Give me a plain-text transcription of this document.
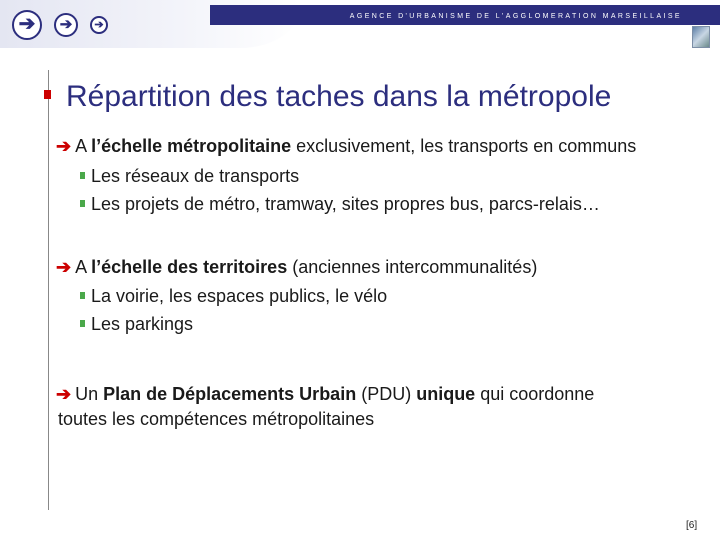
AGENCE D'URBANISME DE L'AGGLOMERATION MARSEILLAISE
➔	➔	➔
Répartition des taches dans la métropole
➔ A l’échelle métropolitaine exclusivement, les transports en communs
Les réseaux de transports
Les projets de métro, tramway, sites propres bus, parcs-relais…
➔ A l’échelle des territoires (anciennes intercommunalités)
La voirie, les espaces publics, le vélo
Les parkings
➔ Un Plan de Déplacements Urbain (PDU) unique qui coordonne
toutes les compétences métropolitaines
[6]
